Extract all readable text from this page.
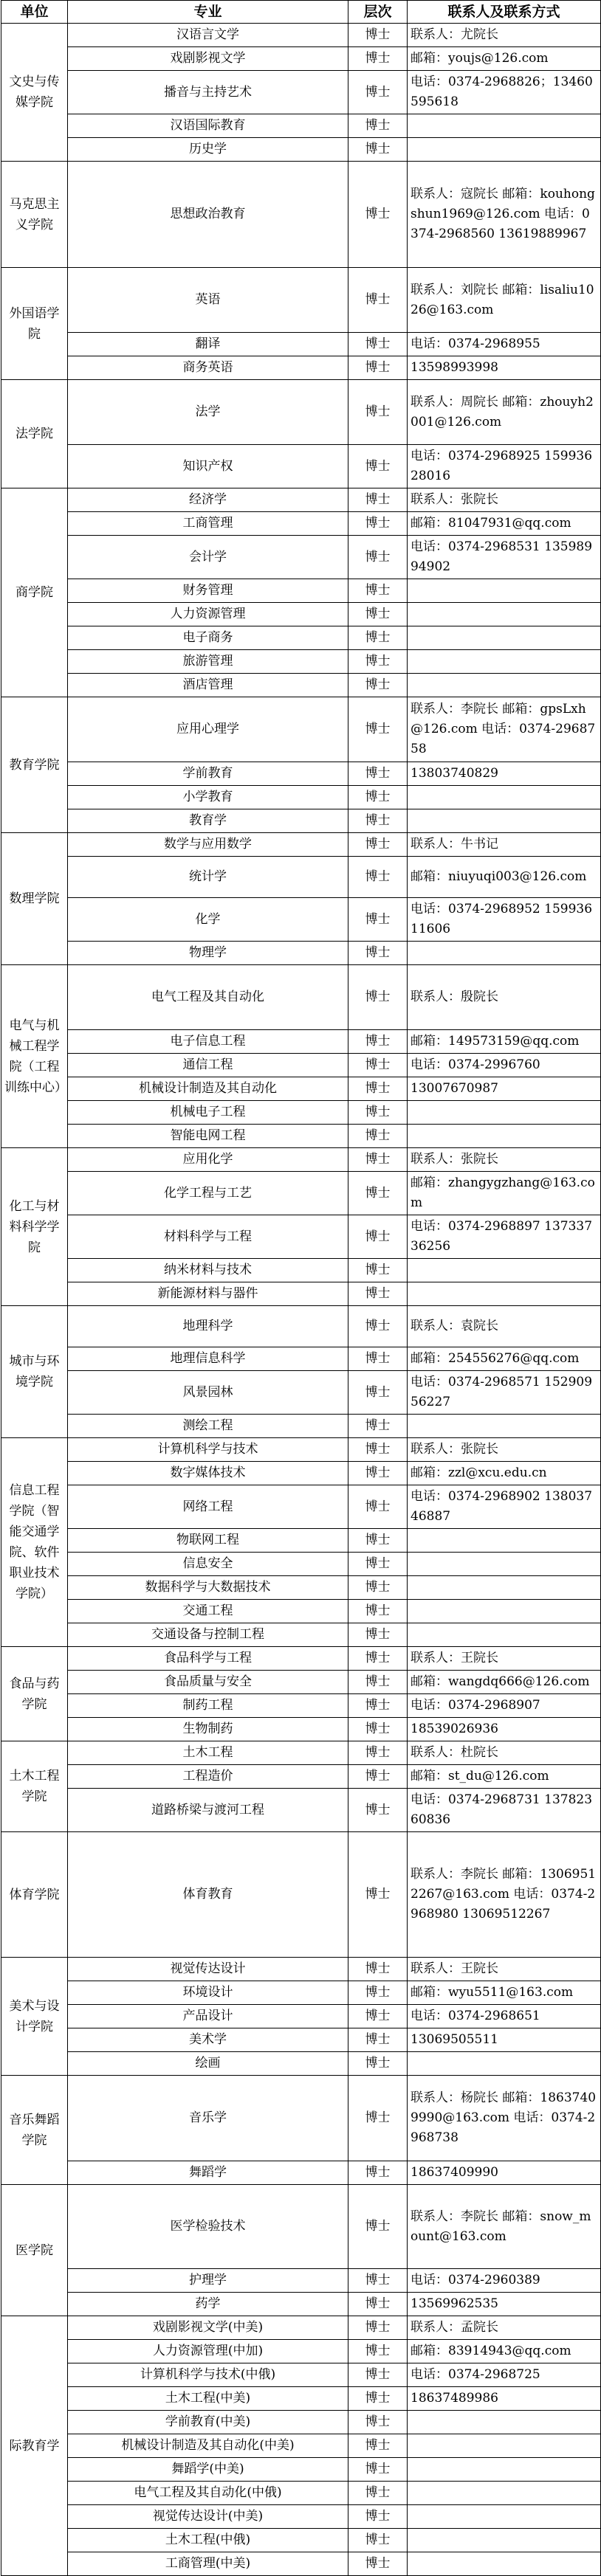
单位	专业	层次	联系人及联系方式
文史与传媒学院	汉语言文学	博士	联系人：尤院长
	戏剧影视文学	博士	邮箱：youjs@126.com
	播音与主持艺术	博士	电话：0374-2968826；13460595618
	汉语国际教育	博士	
	历史学	博士	
马克思主义学院	思想政治教育	博士	联系人：寇院长 邮箱：kouhongshun1969@126.com 电话：0374-2968560 13619889967
外国语学院	英语	博士	联系人：刘院长 邮箱：lisaliu1026@163.com
	翻译	博士	电话：0374-2968955
	商务英语	博士	13598993998
法学院	法学	博士	联系人：周院长 邮箱：zhouyh2001@126.com
	知识产权	博士	电话：0374-2968925 15993628016
商学院	经济学	博士	联系人：张院长
	工商管理	博士	邮箱：81047931@qq.com
	会计学	博士	电话：0374-2968531 13598994902
	财务管理	博士	
	人力资源管理	博士	
	电子商务	博士	
	旅游管理	博士	
	酒店管理	博士	
教育学院	应用心理学	博士	联系人：李院长 邮箱：gpsLxh@126.com 电话：0374-2968758
	学前教育	博士	13803740829
	小学教育	博士	
	教育学	博士	
数理学院	数学与应用数学	博士	联系人：牛书记
	统计学	博士	邮箱：niuyuqi003@126.com
	化学	博士	电话：0374-2968952 15993611606
	物理学	博士	
电气与机械工程学院（工程训练中心）	电气工程及其自动化	博士	联系人：殷院长
	电子信息工程	博士	邮箱：149573159@qq.com
	通信工程	博士	电话：0374-2996760
	机械设计制造及其自动化	博士	13007670987
	机械电子工程	博士	
	智能电网工程	博士	
化工与材料科学学院	应用化学	博士	联系人：张院长
	化学工程与工艺	博士	邮箱：zhangygzhang@163.com
	材料科学与工程	博士	电话：0374-2968897 13733736256
	纳米材料与技术	博士	
	新能源材料与器件	博士	
城市与环境学院	地理科学	博士	联系人：袁院长
	地理信息科学	博士	邮箱：254556276@qq.com
	风景园林	博士	电话：0374-2968571 15290956227
	测绘工程	博士	
信息工程学院（智能交通学院、软件职业技术学院）	计算机科学与技术	博士	联系人：张院长
	数字媒体技术	博士	邮箱：zzl@xcu.edu.cn
	网络工程	博士	电话：0374-2968902 13803746887
	物联网工程	博士	
	信息安全	博士	
	数据科学与大数据技术	博士	
	交通工程	博士	
	交通设备与控制工程	博士	
食品与药学院	食品科学与工程	博士	联系人：王院长
	食品质量与安全	博士	邮箱：wangdq666@126.com
	制药工程	博士	电话：0374-2968907
	生物制药	博士	18539026936
土木工程学院	土木工程	博士	联系人：杜院长
	工程造价	博士	邮箱：st_du@126.com
	道路桥梁与渡河工程	博士	电话：0374-2968731 13782360836
体育学院	体育教育	博士	联系人：李院长 邮箱：13069512267@163.com 电话：0374-2968980 13069512267
美术与设计学院	视觉传达设计	博士	联系人：王院长
	环境设计	博士	邮箱：wyu5511@163.com
	产品设计	博士	电话：0374-2968651
	美术学	博士	13069505511
	绘画	博士	
音乐舞蹈学院	音乐学	博士	联系人：杨院长 邮箱：18637409990@163.com 电话：0374-2968738
	舞蹈学	博士	18637409990
医学院	医学检验技术	博士	联系人：李院长 邮箱：snow_mount@163.com
	护理学	博士	电话：0374-2960389
	药学	博士	13569962535
际教育学	戏剧影视文学(中美)	博士	联系人：孟院长
	人力资源管理(中加)	博士	邮箱：83914943@qq.com
	计算机科学与技术(中俄)	博士	电话：0374-2968725
	土木工程(中美)	博士	18637489986
	学前教育(中美)	博士	
	机械设计制造及其自动化(中美)	博士	
	舞蹈学(中美)	博士	
	电气工程及其自动化(中俄)	博士	
	视觉传达设计(中美)	博士	
	土木工程(中俄)	博士	
	工商管理(中美)	博士	
